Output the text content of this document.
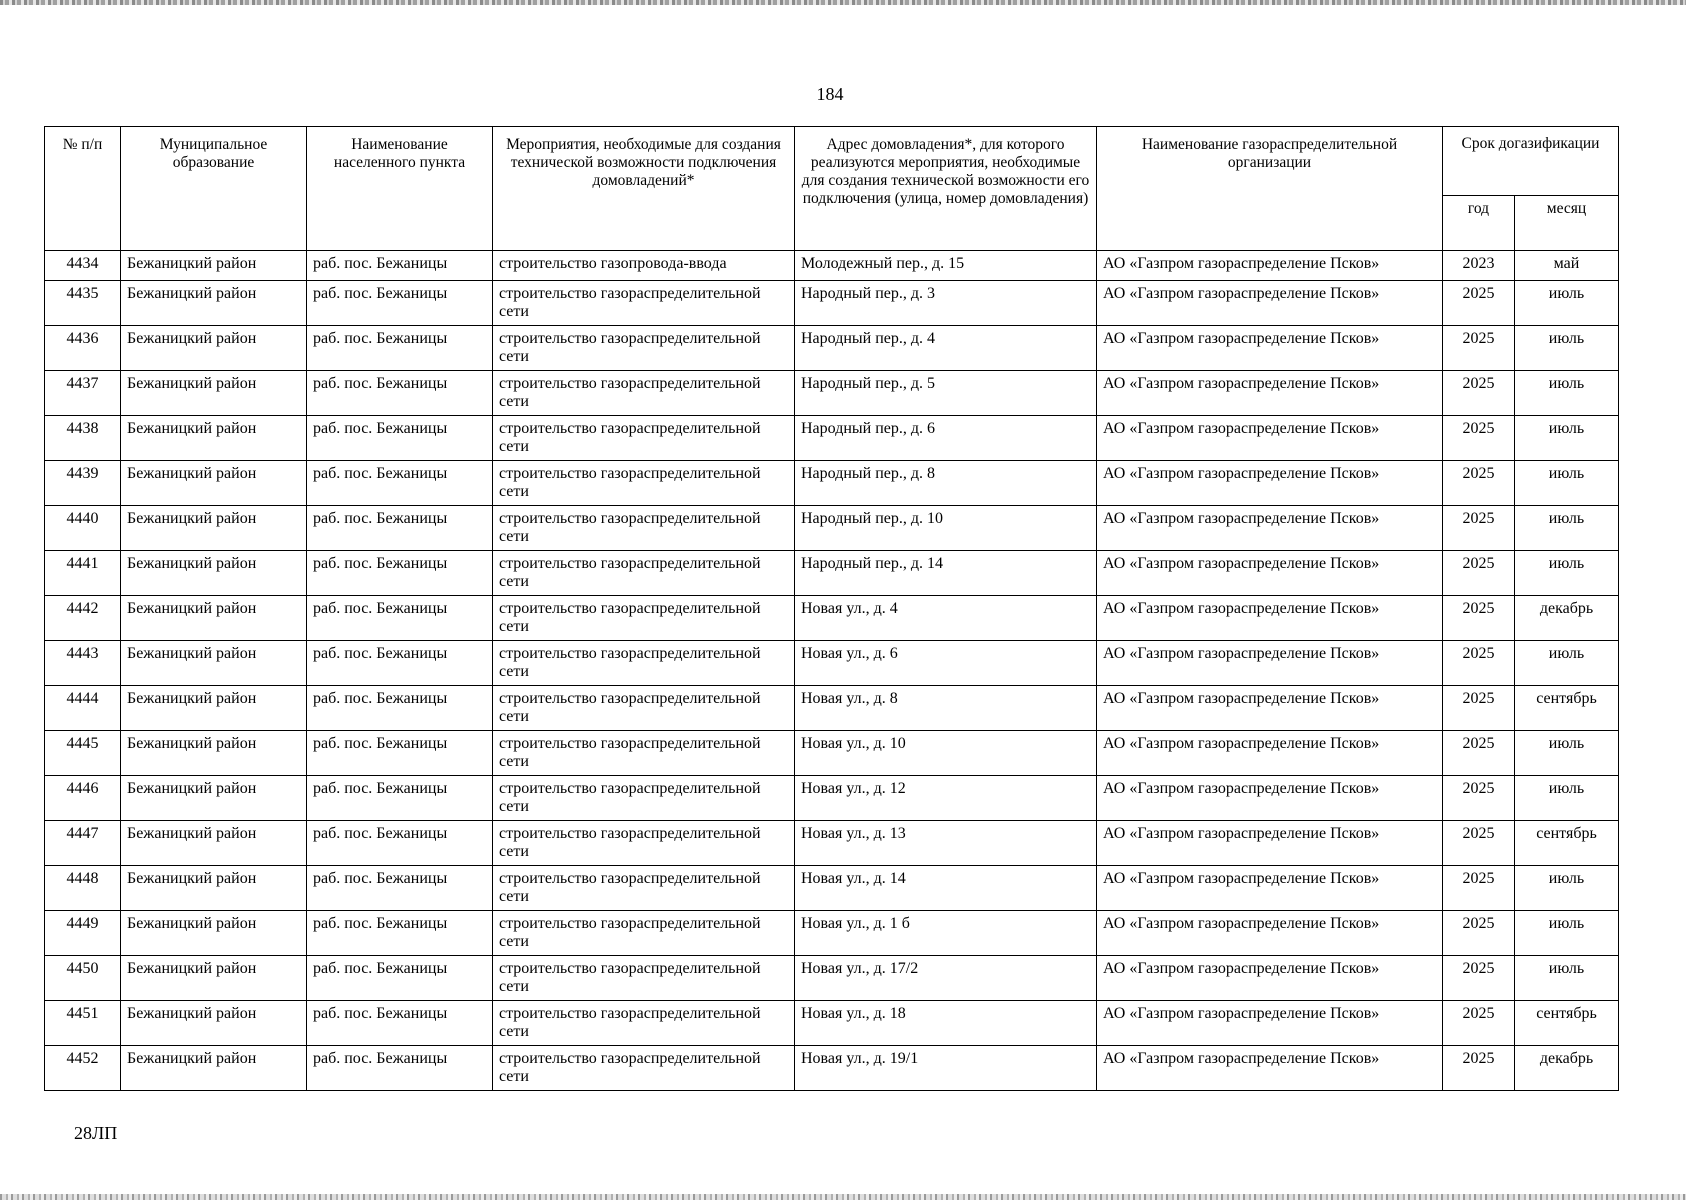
184
№ п/п	Муниципальное образование	Наименование населенного пункта	Мероприятия, необходимые для создания технической возможности подключения домовладений*	Адрес домовладения*, для которого реализуются мероприятия, необходимые для создания технической возможности его подключения (улица, номер домовладения)	Наименование газораспределительной организации	Срок догазификации	
						год	месяц
4434	Бежаницкий район	раб. пос. Бежаницы	строительство газопровода-ввода	Молодежный пер., д. 15	АО «Газпром газораспределение Псков»	2023	май
4435	Бежаницкий район	раб. пос. Бежаницы	строительство газораспределительной сети	Народный пер., д. 3	АО «Газпром газораспределение Псков»	2025	июль
4436	Бежаницкий район	раб. пос. Бежаницы	строительство газораспределительной сети	Народный пер., д. 4	АО «Газпром газораспределение Псков»	2025	июль
4437	Бежаницкий район	раб. пос. Бежаницы	строительство газораспределительной сети	Народный пер., д. 5	АО «Газпром газораспределение Псков»	2025	июль
4438	Бежаницкий район	раб. пос. Бежаницы	строительство газораспределительной сети	Народный пер., д. 6	АО «Газпром газораспределение Псков»	2025	июль
4439	Бежаницкий район	раб. пос. Бежаницы	строительство газораспределительной сети	Народный пер., д. 8	АО «Газпром газораспределение Псков»	2025	июль
4440	Бежаницкий район	раб. пос. Бежаницы	строительство газораспределительной сети	Народный пер., д. 10	АО «Газпром газораспределение Псков»	2025	июль
4441	Бежаницкий район	раб. пос. Бежаницы	строительство газораспределительной сети	Народный пер., д. 14	АО «Газпром газораспределение Псков»	2025	июль
4442	Бежаницкий район	раб. пос. Бежаницы	строительство газораспределительной сети	Новая ул., д. 4	АО «Газпром газораспределение Псков»	2025	декабрь
4443	Бежаницкий район	раб. пос. Бежаницы	строительство газораспределительной сети	Новая ул., д. 6	АО «Газпром газораспределение Псков»	2025	июль
4444	Бежаницкий район	раб. пос. Бежаницы	строительство газораспределительной сети	Новая ул., д. 8	АО «Газпром газораспределение Псков»	2025	сентябрь
4445	Бежаницкий район	раб. пос. Бежаницы	строительство газораспределительной сети	Новая ул., д. 10	АО «Газпром газораспределение Псков»	2025	июль
4446	Бежаницкий район	раб. пос. Бежаницы	строительство газораспределительной сети	Новая ул., д. 12	АО «Газпром газораспределение Псков»	2025	июль
4447	Бежаницкий район	раб. пос. Бежаницы	строительство газораспределительной сети	Новая ул., д. 13	АО «Газпром газораспределение Псков»	2025	сентябрь
4448	Бежаницкий район	раб. пос. Бежаницы	строительство газораспределительной сети	Новая ул., д. 14	АО «Газпром газораспределение Псков»	2025	июль
4449	Бежаницкий район	раб. пос. Бежаницы	строительство газораспределительной сети	Новая ул., д. 1 б	АО «Газпром газораспределение Псков»	2025	июль
4450	Бежаницкий район	раб. пос. Бежаницы	строительство газораспределительной сети	Новая ул., д. 17/2	АО «Газпром газораспределение Псков»	2025	июль
4451	Бежаницкий район	раб. пос. Бежаницы	строительство газораспределительной сети	Новая ул., д. 18	АО «Газпром газораспределение Псков»	2025	сентябрь
4452	Бежаницкий район	раб. пос. Бежаницы	строительство газораспределительной сети	Новая ул., д. 19/1	АО «Газпром газораспределение Псков»	2025	декабрь
28ЛП
